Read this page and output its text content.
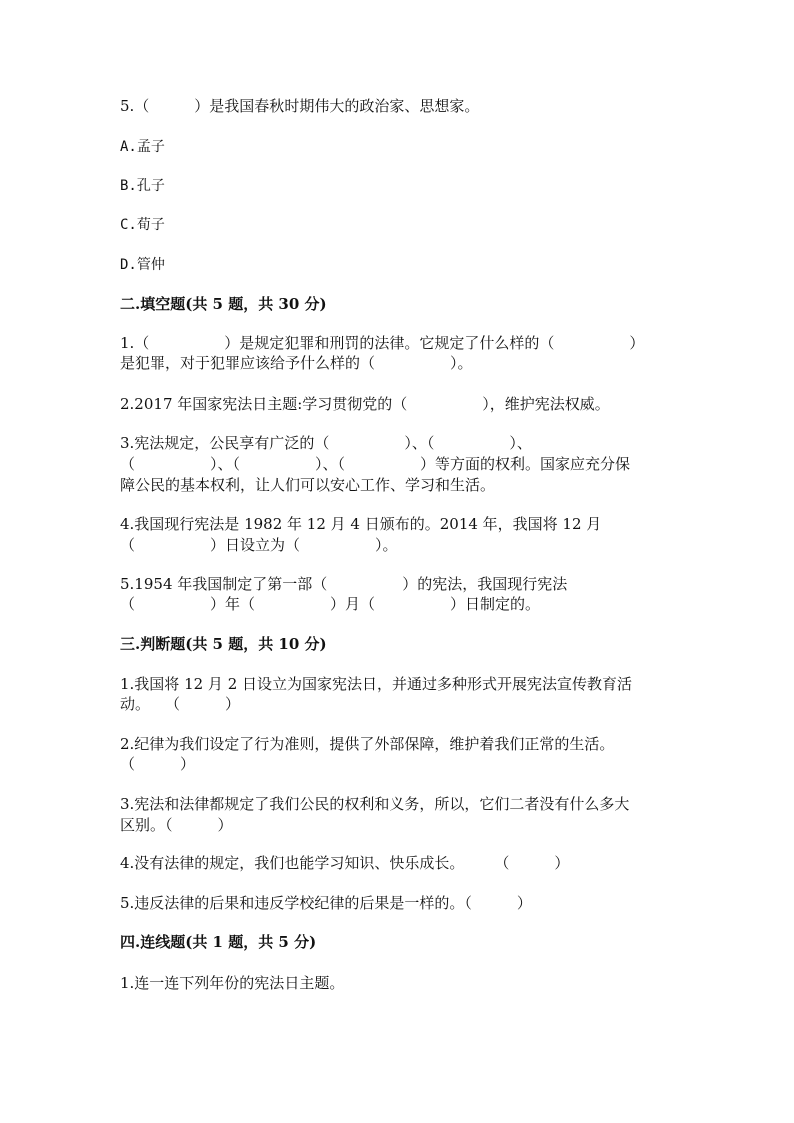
5.（　　　）是我国春秋时期伟大的政治家、思想家。
A.孟子
B.孔子
C.荀子
D.管仲
二.填空题(共 5 题，共 30 分)
1.（　　　　　）是规定犯罪和刑罚的法律。它规定了什么样的（　　　　　）
是犯罪，对于犯罪应该给予什么样的（　　　　　）。
2.2017 年国家宪法日主题:学习贯彻党的（　　　　　），维护宪法权威。
3.宪法规定，公民享有广泛的（　　　　　）、（　　　　　）、
（　　　　　）、（　　　　　）、（　　　　　）等方面的权利。国家应充分保
障公民的基本权利，让人们可以安心工作、学习和生活。
4.我国现行宪法是 1982 年 12 月 4 日颁布的。2014 年，我国将 12 月
（　　　　　）日设立为（　　　　　）。
5.1954 年我国制定了第一部（　　　　　）的宪法，我国现行宪法
（　　　　　）年（　　　　　）月（　　　　　）日制定的。
三.判断题(共 5 题，共 10 分)
1.我国将 12 月 2 日设立为国家宪法日，并通过多种形式开展宪法宣传教育活
动。　　（　　　）
2.纪律为我们设定了行为准则，提供了外部保障，维护着我们正常的生活。
（　　　）
3.宪法和法律都规定了我们公民的权利和义务，所以，它们二者没有什么多大
区别。（　　　）
4.没有法律的规定，我们也能学习知识、快乐成长。　　　（　　　）
5.违反法律的后果和违反学校纪律的后果是一样的。（　　　）
四.连线题(共 1 题，共 5 分)
1.连一连下列年份的宪法日主题。
